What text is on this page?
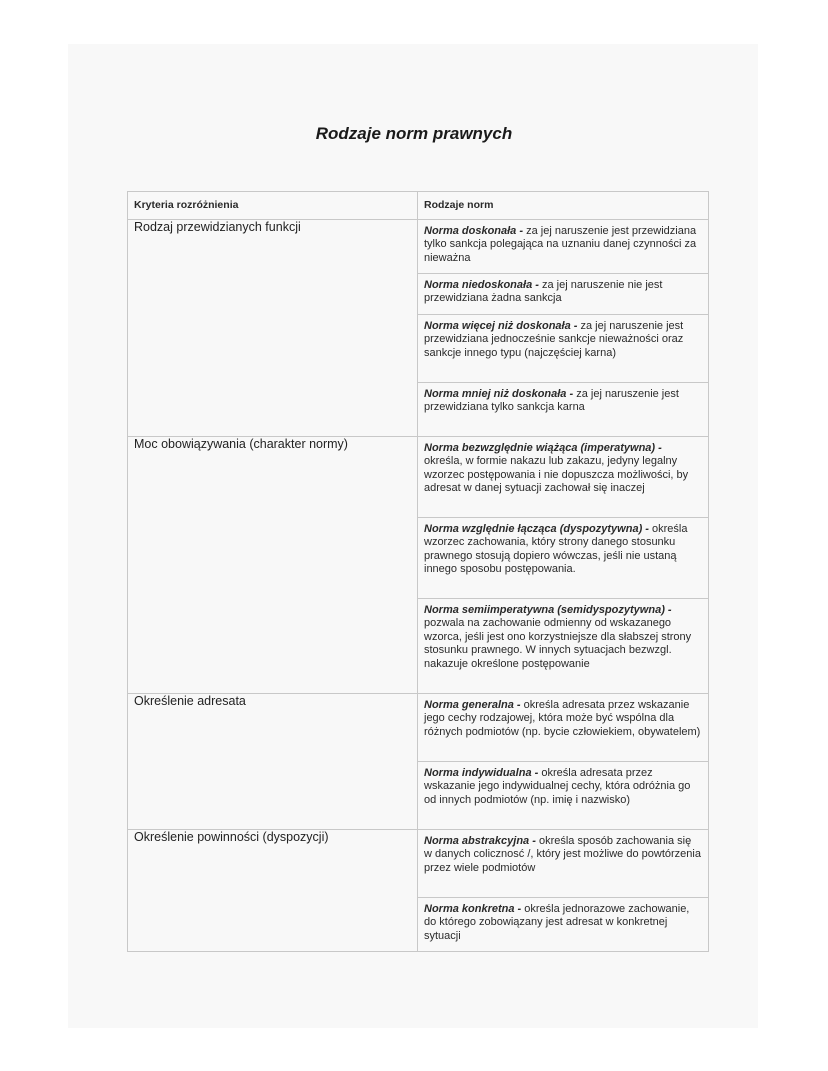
Rodzaje norm prawnych
Kryteria rozróżnienia	Rodzaje norm
Rodzaj przewidzianych funkcji	Norma doskonała - za jej naruszenie jest przewidziana tylko sankcja polegająca na uznaniu danej czynności za nieważna
	Norma niedoskonała - za jej naruszenie nie jest przewidziana żadna sankcja
	Norma więcej niż doskonała - za jej naruszenie jest przewidziana jednocześnie sankcje nieważności oraz sankcje innego typu (najczęściej karna)
	Norma mniej niż doskonała - za jej naruszenie jest przewidziana tylko sankcja karna
Moc obowiązywania (charakter normy)	Norma bezwzględnie wiążąca (imperatywna) - określa, w formie nakazu lub zakazu, jedyny legalny wzorzec postępowania i nie dopuszcza możliwości, by adresat w danej sytuacji zachował się inaczej
	Norma względnie łącząca (dyspozytywna) - określa wzorzec zachowania, który strony danego stosunku prawnego stosują dopiero wówczas, jeśli nie ustaną innego sposobu postępowania.
	Norma semiimperatywna (semidyspozytywna) - pozwala na zachowanie odmienny od wskazanego wzorca, jeśli jest ono korzystniejsze dla słabszej strony stosunku prawnego. W innych sytuacjach bezwzgl. nakazuje określone postępowanie
Określenie adresata	Norma generalna - określa adresata przez wskazanie jego cechy rodzajowej, która może być wspólna dla różnych podmiotów (np. bycie człowiekiem, obywatelem)
	Norma indywidualna - określa adresata przez wskazanie jego indywidualnej cechy, która odróżnia go od innych podmiotów (np. imię i nazwisko)
Określenie powinności (dyspozycji)	Norma abstrakcyjna - określa sposób zachowania się w danych colicznosć /, który jest możliwe do powtórzenia przez wiele podmiotów
	Norma konkretna - określa jednorazowe zachowanie, do którego zobowiązany jest adresat w konkretnej sytuacji
